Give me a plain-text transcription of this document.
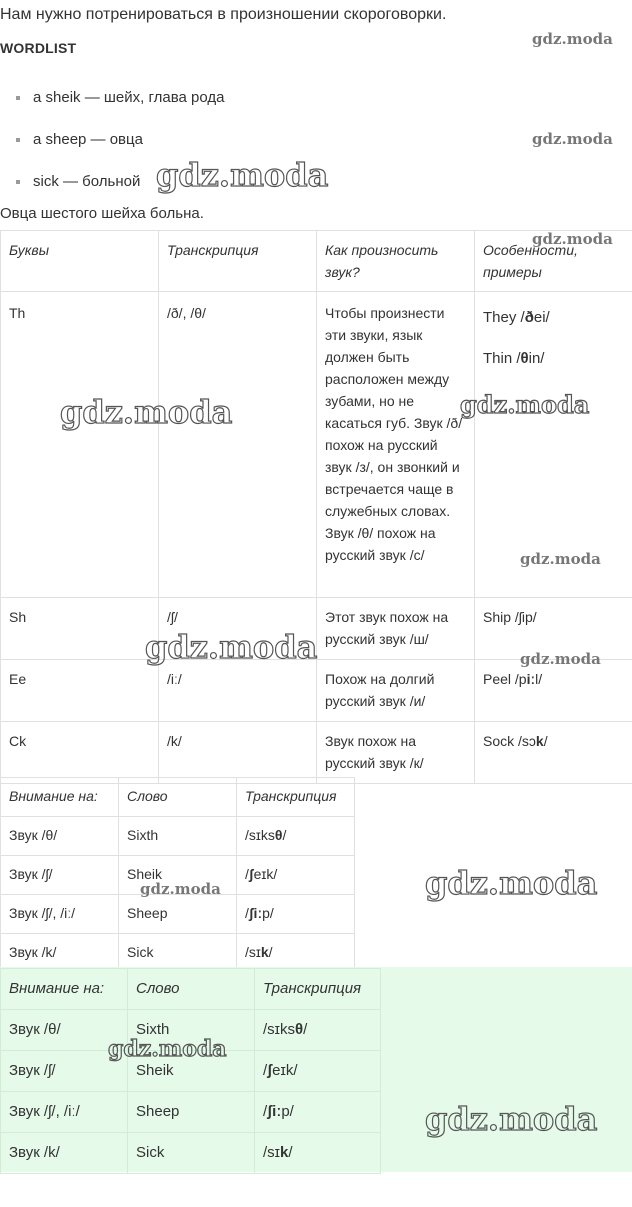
Нам нужно потренироваться в произношении скороговорки.
WORDLIST
a sheik — шейх, глава рода
a sheep — овца
sick — больной
Овца шестого шейха больна.
Буквы	Транскрипция	Как произносить звук?	Особенности, примеры
Th	/ð/, /θ/	Чтобы произнести эти звуки, язык должен быть расположен между зубами, но не касаться губ. Звук /ð/ похож на русский звук /з/, он звонкий и встречается чаще в служебных словах. Звук /θ/ похож на русский звук /с/	They /ðei/

Thin /θin/

Sh	/ʃ/	Этот звук похож на русский звук /ш/	Ship /ʃip/
Ee	/iː/	Похож на долгий русский звук /и/	Peel /piːl/
Ck	/k/	Звук похож на русский звук /к/	Sock /sɔk/
Внимание на:	Слово	Транскрипция
Звук /θ/	Sixth	/sɪksθ/
Звук /ʃ/	Sheik	/ʃeɪk/
Звук /ʃ/, /iː/	Sheep	/ʃiːp/
Звук /k/	Sick	/sɪk/
Внимание на:	Слово	Транскрипция
Звук /θ/	Sixth	/sɪksθ/
Звук /ʃ/	Sheik	/ʃeɪk/
Звук /ʃ/, /iː/	Sheep	/ʃiːp/
Звук /k/	Sick	/sɪk/
gdz.moda
gdz.moda
gdz.moda
gdz.moda
gdz.moda	gdz.moda
gdz.moda
gdz.moda	gdz.moda
gdz.moda	gdz.moda
gdz.moda
gdz.moda
